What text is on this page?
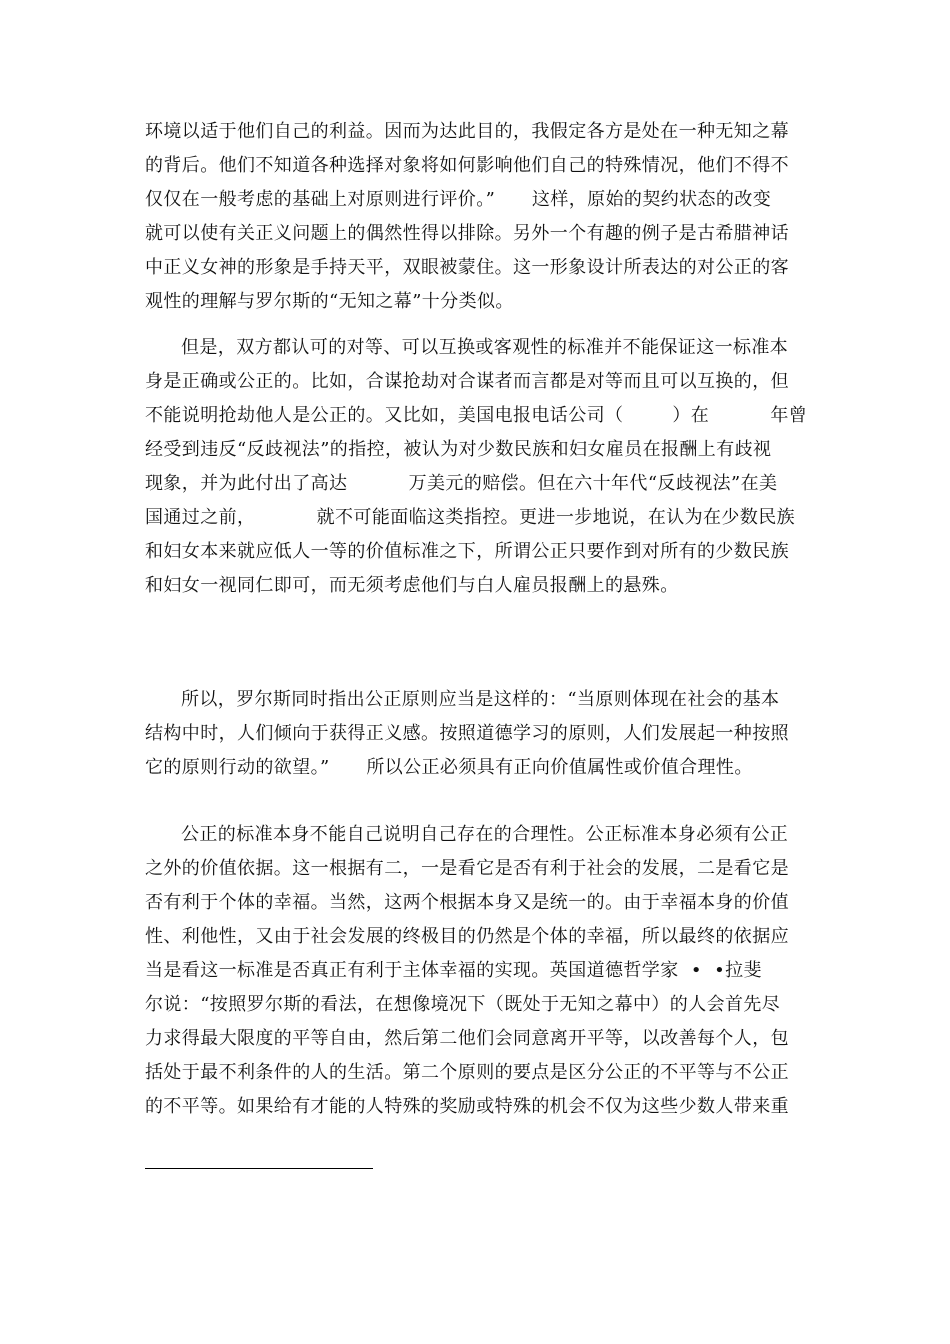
环境以适于他们自己的利益。因而为达此目的，我假定各方是处在一种无知之幕
的背后。他们不知道各种选择对象将如何影响他们自己的特殊情况，他们不得不
仅仅在一般考虑的基础上对原则进行评价。”      这样，原始的契约状态的改变
就可以使有关正义问题上的偶然性得以排除。另外一个有趣的例子是古希腊神话
中正义女神的形象是手持天平，双眼被蒙住。这一形象设计所表达的对公正的客
观性的理解与罗尔斯的“无知之幕”十分类似。
但是，双方都认可的对等、可以互换或客观性的标准并不能保证这一标准本
身是正确或公正的。比如，合谋抢劫对合谋者而言都是对等而且可以互换的，但
不能说明抢劫他人是公正的。又比如，美国电报电话公司（        ）在          年曾
经受到违反“反歧视法”的指控，被认为对少数民族和妇女雇员在报酬上有歧视
现象，并为此付出了高达          万美元的赔偿。但在六十年代“反歧视法”在美
国通过之前，          就不可能面临这类指控。更进一步地说，在认为在少数民族
和妇女本来就应低人一等的价值标准之下，所谓公正只要作到对所有的少数民族
和妇女一视同仁即可，而无须考虑他们与白人雇员报酬上的悬殊。
所以，罗尔斯同时指出公正原则应当是这样的：“当原则体现在社会的基本
结构中时，人们倾向于获得正义感。按照道德学习的原则，人们发展起一种按照
它的原则行动的欲望。”      所以公正必须具有正向价值属性或价值合理性。
公正的标准本身不能自己说明自己存在的合理性。公正标准本身必须有公正
之外的价值依据。这一根据有二，一是看它是否有利于社会的发展，二是看它是
否有利于个体的幸福。当然，这两个根据本身又是统一的。由于幸福本身的价值
性、利他性，又由于社会发展的终极目的仍然是个体的幸福，所以最终的依据应
当是看这一标准是否真正有利于主体幸福的实现。英国道德哲学家  •  •拉斐
尔说：“按照罗尔斯的看法，在想像境况下（既处于无知之幕中）的人会首先尽
力求得最大限度的平等自由，然后第二他们会同意离开平等，以改善每个人，包
括处于最不利条件的人的生活。第二个原则的要点是区分公正的不平等与不公正
的不平等。如果给有才能的人特殊的奖励或特殊的机会不仅为这些少数人带来重
